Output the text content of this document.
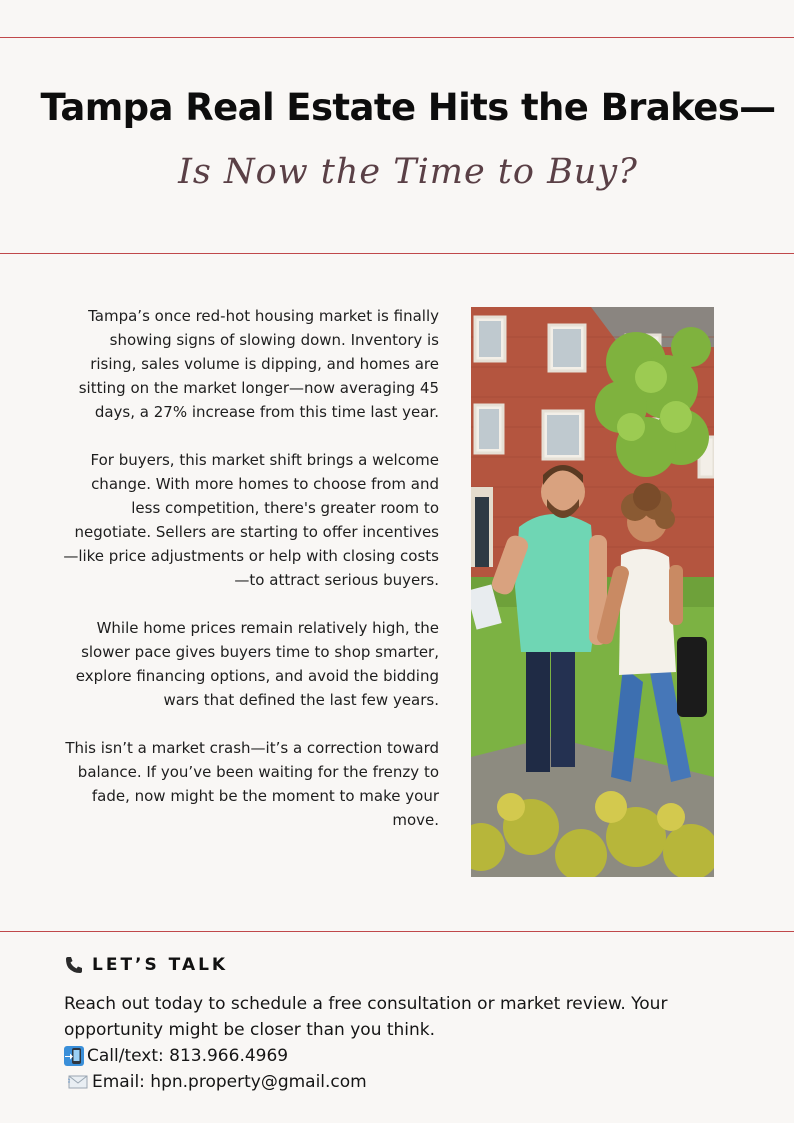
Tampa Real Estate Hits the Brakes—
Is Now the Time to Buy?

Tampa’s once red-hot housing market is finally showing signs of slowing down. Inventory is rising, sales volume is dipping, and homes are sitting on the market longer—now averaging 45 days, a 27% increase from this time last year.

For buyers, this market shift brings a welcome change. With more homes to choose from and less competition, there's greater room to negotiate. Sellers are starting to offer incentives—like price adjustments or help with closing costs—to attract serious buyers.

While home prices remain relatively high, the slower pace gives buyers time to shop smarter, explore financing options, and avoid the bidding wars that defined the last few years.

This isn’t a market crash—it’s a correction toward balance. If you’ve been waiting for the frenzy to fade, now might be the moment to make your move.

LET’S TALK
Reach out today to schedule a free consultation or market review. Your opportunity might be closer than you think.
Call/text: 813.966.4969
Email: hpn.property@gmail.com
